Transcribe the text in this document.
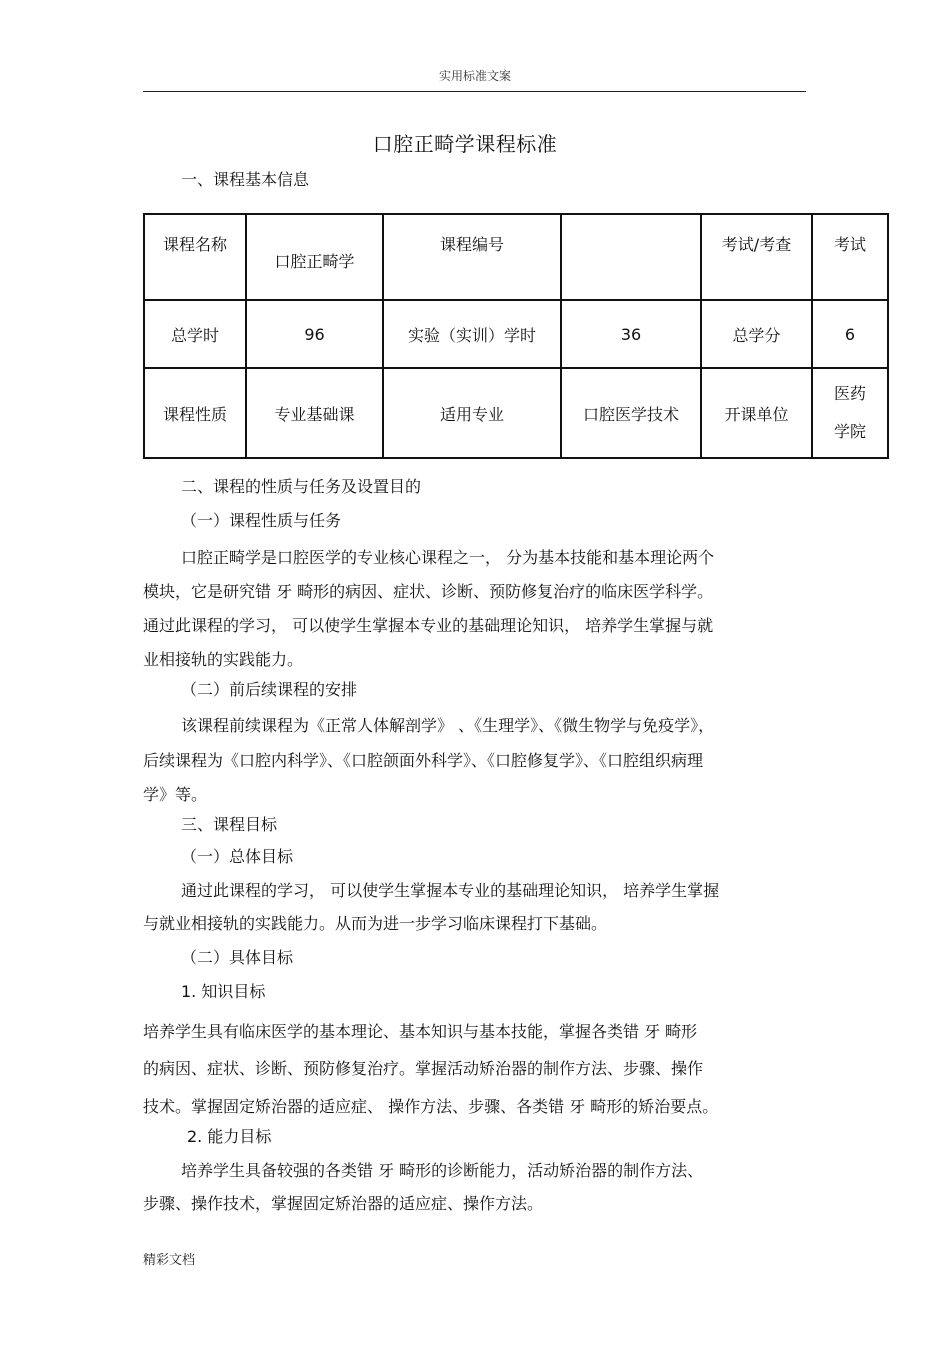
实用标准文案
口腔正畸学课程标准
一、课程基本信息
课程名称	口腔正畸学	课程编号		考试/考查	考试
总学时	96	实验（实训）学时	36	总学分	6
课程性质	专业基础课	适用专业	口腔医学技术	开课单位	医药学院
二、课程的性质与任务及设置目的
（一）课程性质与任务
口腔正畸学是口腔医学的专业核心课程之一， 分为基本技能和基本理论两个
模块，它是研究错 牙 畸形的病因、症状、诊断、预防修复治疗的临床医学科学。
通过此课程的学习， 可以使学生掌握本专业的基础理论知识， 培养学生掌握与就
业相接轨的实践能力。
（二）前后续课程的安排
该课程前续课程为《正常人体解剖学》 、《生理学》、《微生物学与免疫学》，
后续课程为《口腔内科学》、《口腔颌面外科学》、《口腔修复学》、《口腔组织病理
学》等。
三、课程目标
（一）总体目标
通过此课程的学习， 可以使学生掌握本专业的基础理论知识， 培养学生掌握
与就业相接轨的实践能力。从而为进一步学习临床课程打下基础。
（二）具体目标
1. 知识目标
培养学生具有临床医学的基本理论、基本知识与基本技能，掌握各类错 牙 畸形
的病因、症状、诊断、预防修复治疗。掌握活动矫治器的制作方法、步骤、操作
技术。掌握固定矫治器的适应症、 操作方法、步骤、各类错 牙 畸形的矫治要点。
2. 能力目标
培养学生具备较强的各类错 牙 畸形的诊断能力，活动矫治器的制作方法、
步骤、操作技术，掌握固定矫治器的适应症、操作方法。
精彩文档
